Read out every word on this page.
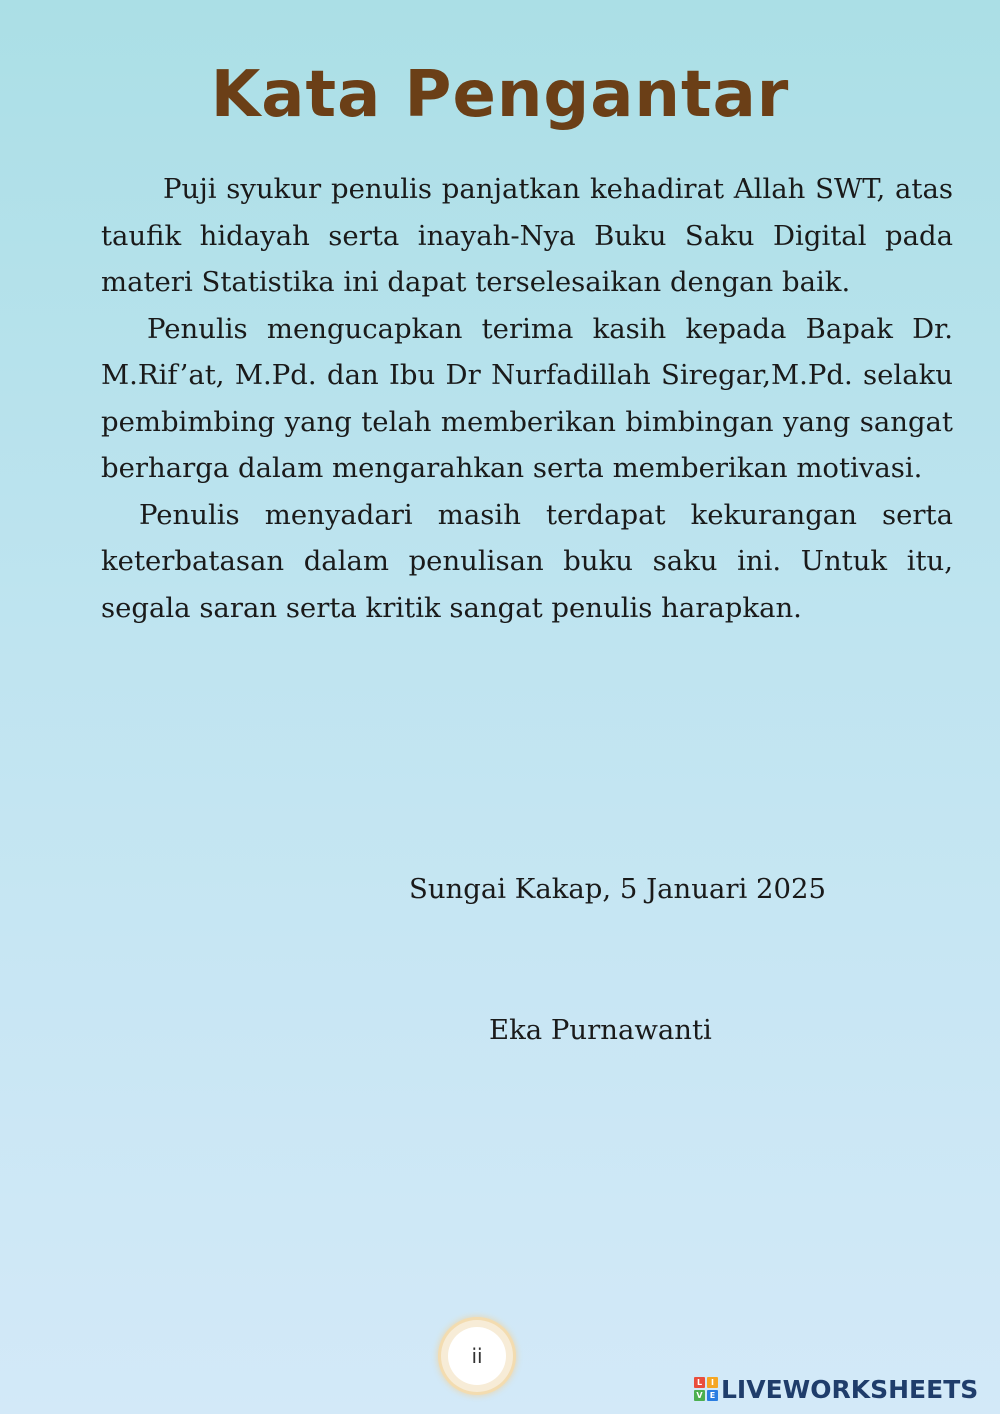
Kata Pengantar

Puji syukur penulis panjatkan kehadirat Allah SWT, atas taufik hidayah serta inayah-Nya Buku Saku Digital pada materi Statistika ini dapat terselesaikan dengan baik.

Penulis mengucapkan terima kasih kepada Bapak Dr. M.Rif’at, M.Pd. dan Ibu Dr Nurfadillah Siregar,M.Pd. selaku pembimbing yang telah memberikan bimbingan yang sangat berharga dalam mengarahkan serta memberikan motivasi.

Penulis menyadari masih terdapat kekurangan serta keterbatasan dalam penulisan buku saku ini. Untuk itu, segala saran serta kritik sangat penulis harapkan.

Sungai Kakap, 5 Januari 2025
Eka Purnawanti
ii
L	I
V E LIVEWORKSHEETS
